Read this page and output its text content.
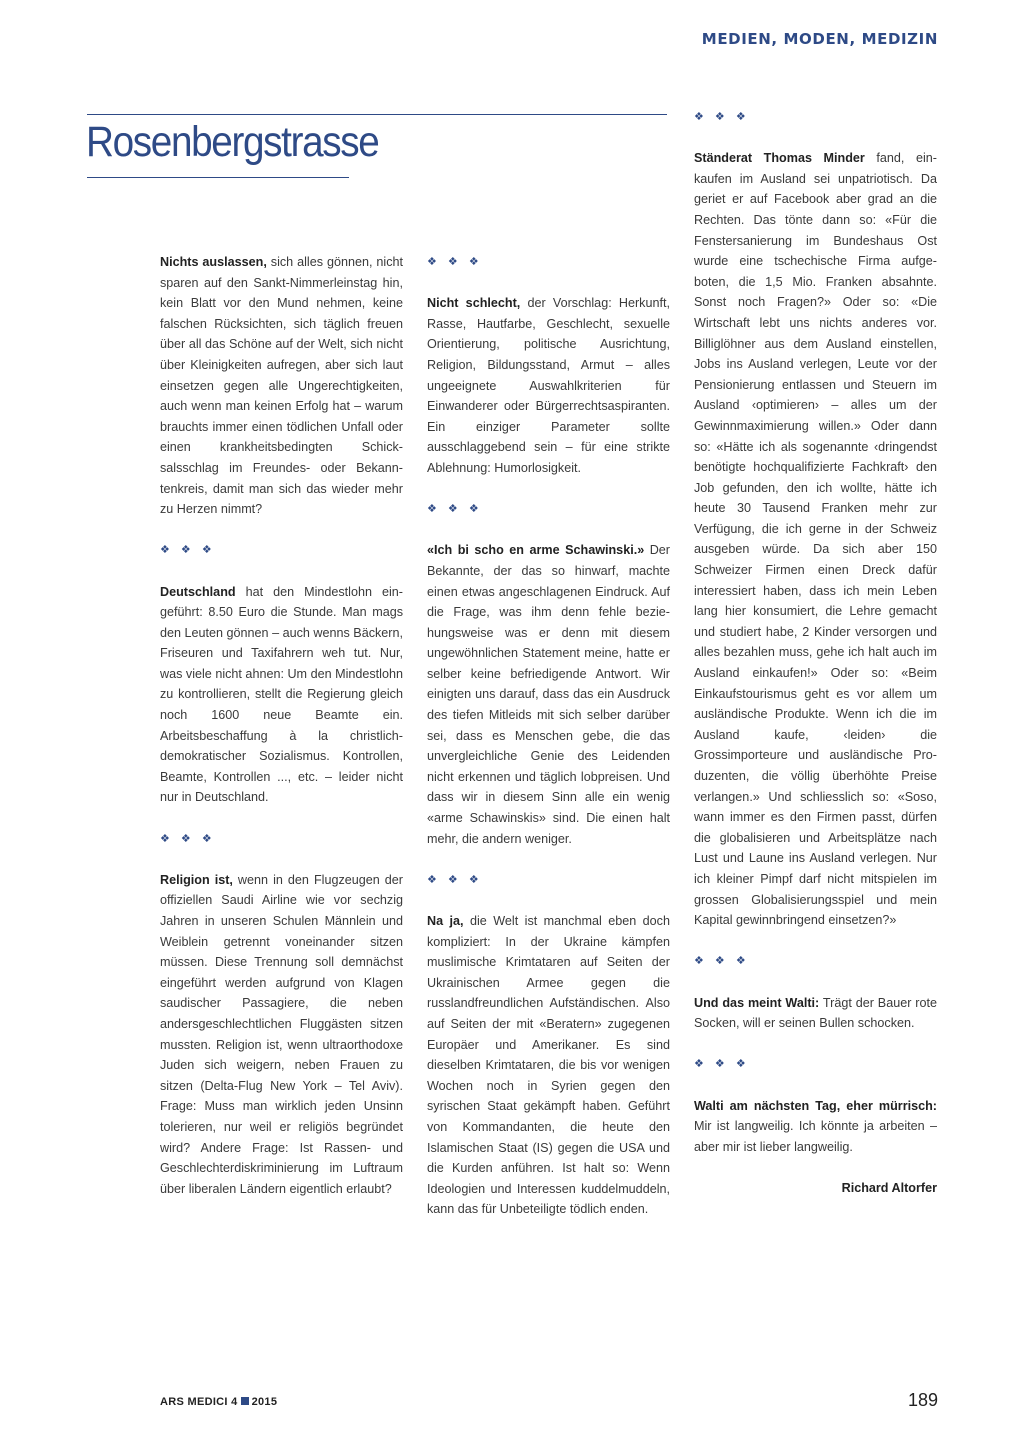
MEDIEN, MODEN, MEDIZIN
Rosenbergstrasse

Nichts auslassen, sich alles gönnen, nicht sparen auf den Sankt-Nimmerleinstag hin, kein Blatt vor den Mund nehmen, keine falschen Rücksichten, sich täglich freuen über all das Schöne auf der Welt, sich nicht über Kleinigkeiten aufregen, aber sich laut einsetzen gegen alle Ungerechtigkeiten, auch wenn man keinen Erfolg hat – warum brauchts immer einen tödlichen Unfall oder einen krankheitsbedingten Schicksalsschlag im Freundes- oder Bekanntenkreis, damit man sich das wieder mehr zu Herzen nimmt?

❖ ❖ ❖

Deutschland hat den Mindestlohn eingeführt: 8.50 Euro die Stunde. Man mags den Leuten gönnen – auch wenns Bäckern, Friseuren und Taxifahrern weh tut. Nur, was viele nicht ahnen: Um den Mindestlohn zu kontrollieren, stellt die Regierung gleich noch 1600 neue Beamte ein. Arbeitsbeschaffung à la christlich-demokratischer Sozialismus. Kontrollen, Beamte, Kontrollen ..., etc. – leider nicht nur in Deutschland.

❖ ❖ ❖

Religion ist, wenn in den Flugzeugen der offiziellen Saudi Airline wie vor sechzig Jahren in unseren Schulen Männlein und Weiblein getrennt voneinander sitzen müssen. Diese Trennung soll demnächst eingeführt werden aufgrund von Klagen saudischer Passagiere, die neben andersgeschlechtlichen Fluggästen sitzen mussten. Religion ist, wenn ultraorthodoxe Juden sich weigern, neben Frauen zu sitzen (Delta-Flug New York – Tel Aviv). Frage: Muss man wirklich jeden Unsinn tolerieren, nur weil er religiös begründet wird? Andere Frage: Ist Rassen- und Geschlechterdiskriminierung im Luftraum über liberalen Ländern eigentlich erlaubt?

❖ ❖ ❖

Nicht schlecht, der Vorschlag: Herkunft, Rasse, Hautfarbe, Geschlecht, sexuelle Orientierung, politische Ausrichtung, Religion, Bildungsstand, Armut – alles ungeeignete Auswahlkriterien für Einwanderer oder Bürgerrechtsaspiranten. Ein einziger Parameter sollte ausschlaggebend sein – für eine strikte Ablehnung: Humorlosigkeit.

❖ ❖ ❖

«Ich bi scho en arme Schawinski.» Der Bekannte, der das so hinwarf, machte einen etwas angeschlagenen Eindruck. Auf die Frage, was ihm denn fehle beziehungsweise was er denn mit diesem ungewöhnlichen Statement meine, hatte er selber keine befriedigende Antwort. Wir einigten uns darauf, dass das ein Ausdruck des tiefen Mitleids mit sich selber darüber sei, dass es Menschen gebe, die das unvergleichliche Genie des Leidenden nicht erkennen und täglich lobpreisen. Und dass wir in diesem Sinn alle ein wenig «arme Schawinskis» sind. Die einen halt mehr, die andern weniger.

❖ ❖ ❖

Na ja, die Welt ist manchmal eben doch kompliziert: In der Ukraine kämpfen muslimische Krimtataren auf Seiten der Ukrainischen Armee gegen die russlandfreundlichen Aufständischen. Also auf Seiten der mit «Beratern» zugegenen Europäer und Amerikaner. Es sind dieselben Krimtataren, die bis vor wenigen Wochen noch in Syrien gegen den syrischen Staat gekämpft haben. Geführt von Kommandanten, die heute den Islamischen Staat (IS) gegen die USA und die Kurden anführen. Ist halt so: Wenn Ideologien und Interessen kuddelmuddeln, kann das für Unbeteiligte tödlich enden.

❖ ❖ ❖

Ständerat Thomas Minder fand, einkaufen im Ausland sei unpatriotisch. Da geriet er auf Facebook aber grad an die Rechten. Das tönte dann so: «Für die Fenstersanierung im Bundeshaus Ost wurde eine tschechische Firma aufgeboten, die 1,5 Mio. Franken absahnte. Sonst noch Fragen?» Oder so: «Die Wirtschaft lebt uns nichts anderes vor. Billiglöhner aus dem Ausland einstellen, Jobs ins Ausland verlegen, Leute vor der Pensionierung entlassen und Steuern im Ausland ‹optimieren› – alles um der Gewinnmaximierung willen.» Oder dann so: «Hätte ich als sogenannte ‹dringendst benötigte hochqualifizierte Fachkraft› den Job gefunden, den ich wollte, hätte ich heute 30 Tausend Franken mehr zur Verfügung, die ich gerne in der Schweiz ausgeben würde. Da sich aber 150 Schweizer Firmen einen Dreck dafür interessiert haben, dass ich mein Leben lang hier konsumiert, die Lehre gemacht und studiert habe, 2 Kinder versorgen und alles bezahlen muss, gehe ich halt auch im Ausland einkaufen!» Oder so: «Beim Einkaufstourismus geht es vor allem um ausländische Produkte. Wenn ich die im Ausland kaufe, ‹leiden› die Grossimporteure und ausländische Produzenten, die völlig überhöhte Preise verlangen.» Und schliesslich so: «Soso, wann immer es den Firmen passt, dürfen die globalisieren und Arbeitsplätze nach Lust und Laune ins Ausland verlegen. Nur ich kleiner Pimpf darf nicht mitspielen im grossen Globalisierungsspiel und mein Kapital gewinnbringend einsetzen?»

❖ ❖ ❖

Und das meint Walti: Trägt der Bauer rote Socken, will er seinen Bullen schocken.

❖ ❖ ❖

Walti am nächsten Tag, eher mürrisch: Mir ist langweilig. Ich könnte ja arbeiten – aber mir ist lieber langweilig.

Richard Altorfer

ARS MEDICI 4 2015	189
